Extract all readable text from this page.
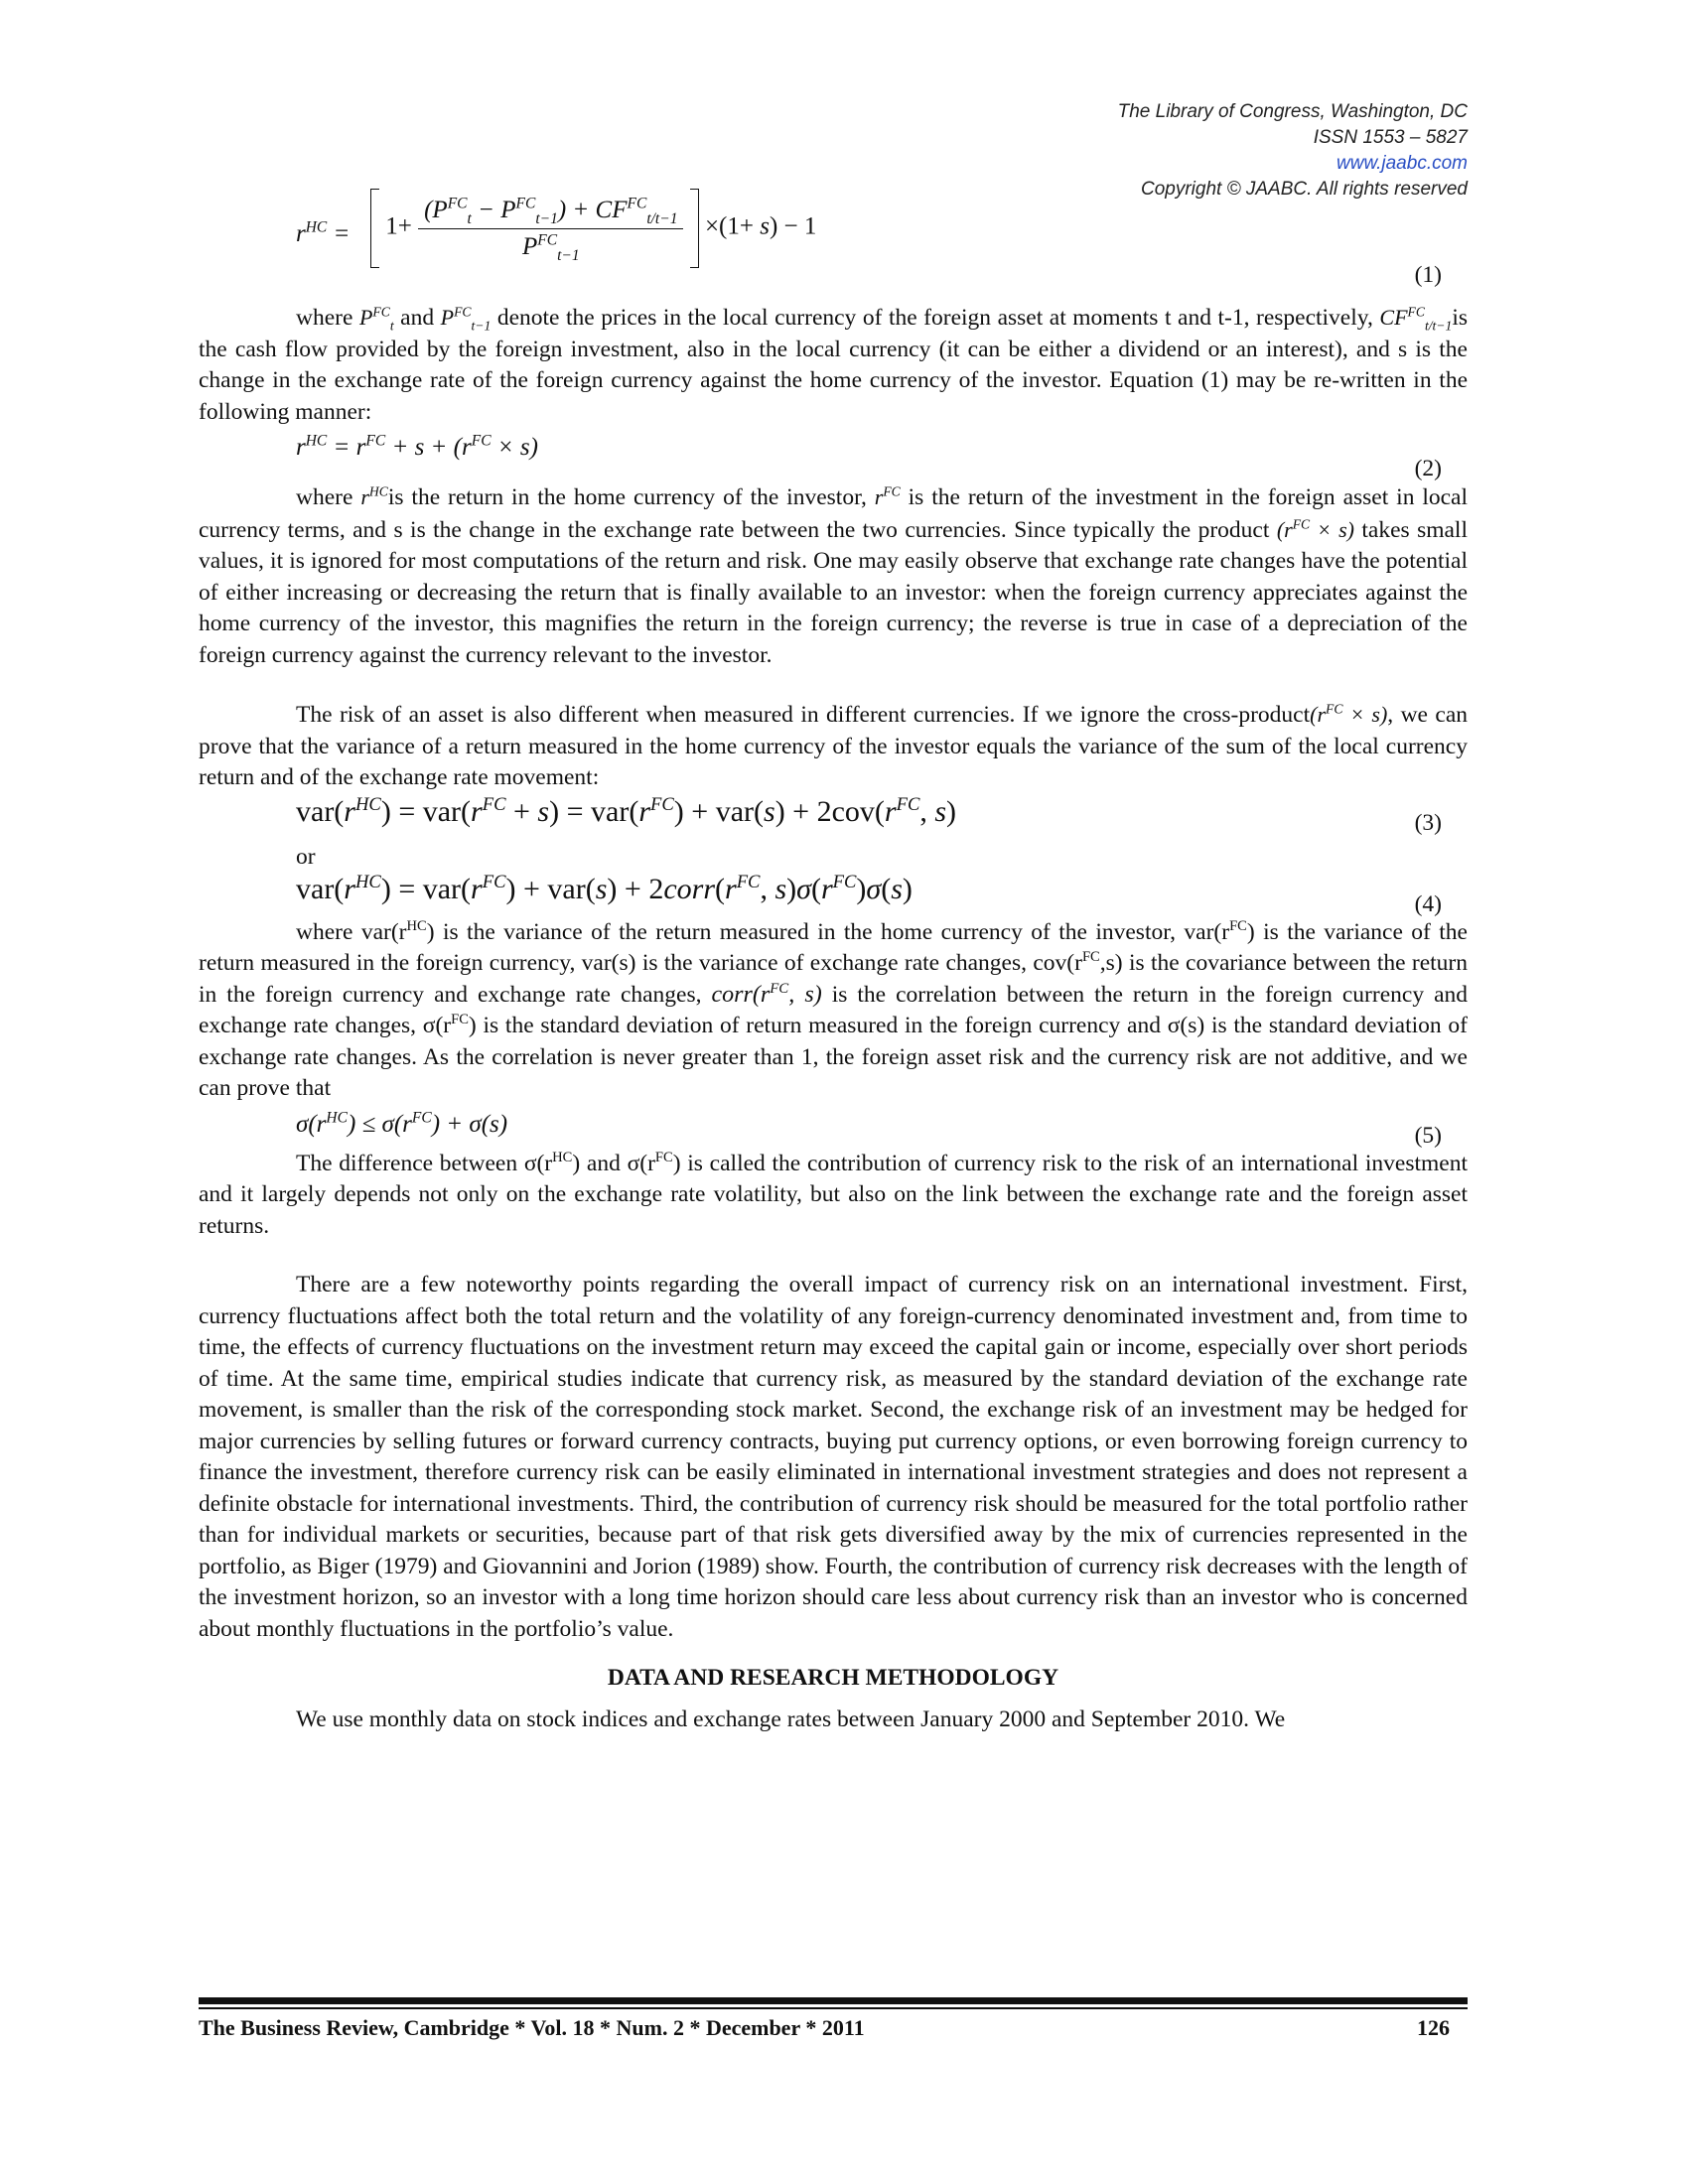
The Library of Congress, Washington, DC
ISSN 1553 – 5827
www.jaabc.com
Copyright © JAABC. All rights reserved
$r^{HC}$ =	$1+ \frac{(P^{FC}_t - P^{FC}_{t-1}) + CF^{FC}_{t/t-1}}{P^{FC}_{t-1}} \times(1+ s) - 1$
(1)

where $P^{FC}_t$ and $P^{FC}_{t-1}$ denote the prices in the local currency of the foreign asset at moments t and t-1, respectively, $CF^{FC}_{t/t-1}is$ the cash flow provided by the foreign investment, also in the local currency (it can be either a dividend or an interest), and s is the change in the exchange rate of the foreign currency against the home currency of the investor. Equation (1) may be re-written in the following manner:

$r^{HC} = r^{FC} + s + (r^{FC} \times s)$
(2)

where $r^{HC}is$ the return in the home currency of the investor, $r^{FC}$ is the return of the investment in the foreign asset in local currency terms, and s is the change in the exchange rate between the two currencies. Since typically the product $(r^{FC} \times s)$ takes small values, it is ignored for most computations of the return and risk. One may easily observe that exchange rate changes have the potential of either increasing or decreasing the return that is finally available to an investor: when the foreign currency appreciates against the home currency of the investor, this magnifies the return in the foreign currency; the reverse is true in case of a depreciation of the foreign currency against the currency relevant to the investor.

The risk of an asset is also different when measured in different currencies. If we ignore the cross-$product(r^{FC} \times s)$, we can prove that the variance of a return measured in the home currency of the investor equals the variance of the sum of the local currency return and of the exchange rate movement:

$var(r^{HC}) = var(r^{FC} + s) = var(r^{FC}) + var(s) + 2cov(r^{FC}$, s)	(3)
or
$var(r^{HC}) = var(r^{FC}) + var(s)$ + $2corr(r^{FC}$, $s)\sigma(r^{FC})\sigma(s)$	(4)

where $var(r^{HC})$ is the variance of the return measured in the home currency of the investor, $var(r^{FC})$ is the variance of the return measured in the foreign currency, var(s) is the variance of exchange rate changes, $cov(r^{FC},s)$ is the covariance between the return in the foreign currency and exchange rate changes, $corr(r^{FC}$, s) is the correlation between the return in the foreign currency and exchange rate changes, $\sigma(r^{FC})$ is the standard deviation of return measured in the foreign currency and σ(s) is the standard deviation of exchange rate changes. As the correlation is never greater than 1, the foreign asset risk and the currency risk are not additive, and we can prove that

$\sigma(r^{HC}) \le \sigma(r^{FC}) + \sigma(s)$	(5)

The difference between $\sigma(r^{HC})$ and $\sigma(r^{FC})$ is called the contribution of currency risk to the risk of an international investment and it largely depends not only on the exchange rate volatility, but also on the link between the exchange rate and the foreign asset returns.

There are a few noteworthy points regarding the overall impact of currency risk on an international investment. First, currency fluctuations affect both the total return and the volatility of any foreign-currency denominated investment and, from time to time, the effects of currency fluctuations on the investment return may exceed the capital gain or income, especially over short periods of time. At the same time, empirical studies indicate that currency risk, as measured by the standard deviation of the exchange rate movement, is smaller than the risk of the corresponding stock market. Second, the exchange risk of an investment may be hedged for major currencies by selling futures or forward currency contracts, buying put currency options, or even borrowing foreign currency to finance the investment, therefore currency risk can be easily eliminated in international investment strategies and does not represent a definite obstacle for international investments. Third, the contribution of currency risk should be measured for the total portfolio rather than for individual markets or securities, because part of that risk gets diversified away by the mix of currencies represented in the portfolio, as Biger (1979) and Giovannini and Jorion (1989) show. Fourth, the contribution of currency risk decreases with the length of the investment horizon, so an investor with a long time horizon should care less about currency risk than an investor who is concerned about monthly fluctuations in the portfolio’s value.

DATA AND RESEARCH METHODOLOGY

We use monthly data on stock indices and exchange rates between January 2000 and September 2010. We

The Business Review, Cambridge * Vol. 18 * Num. 2 * December * 2011	126
